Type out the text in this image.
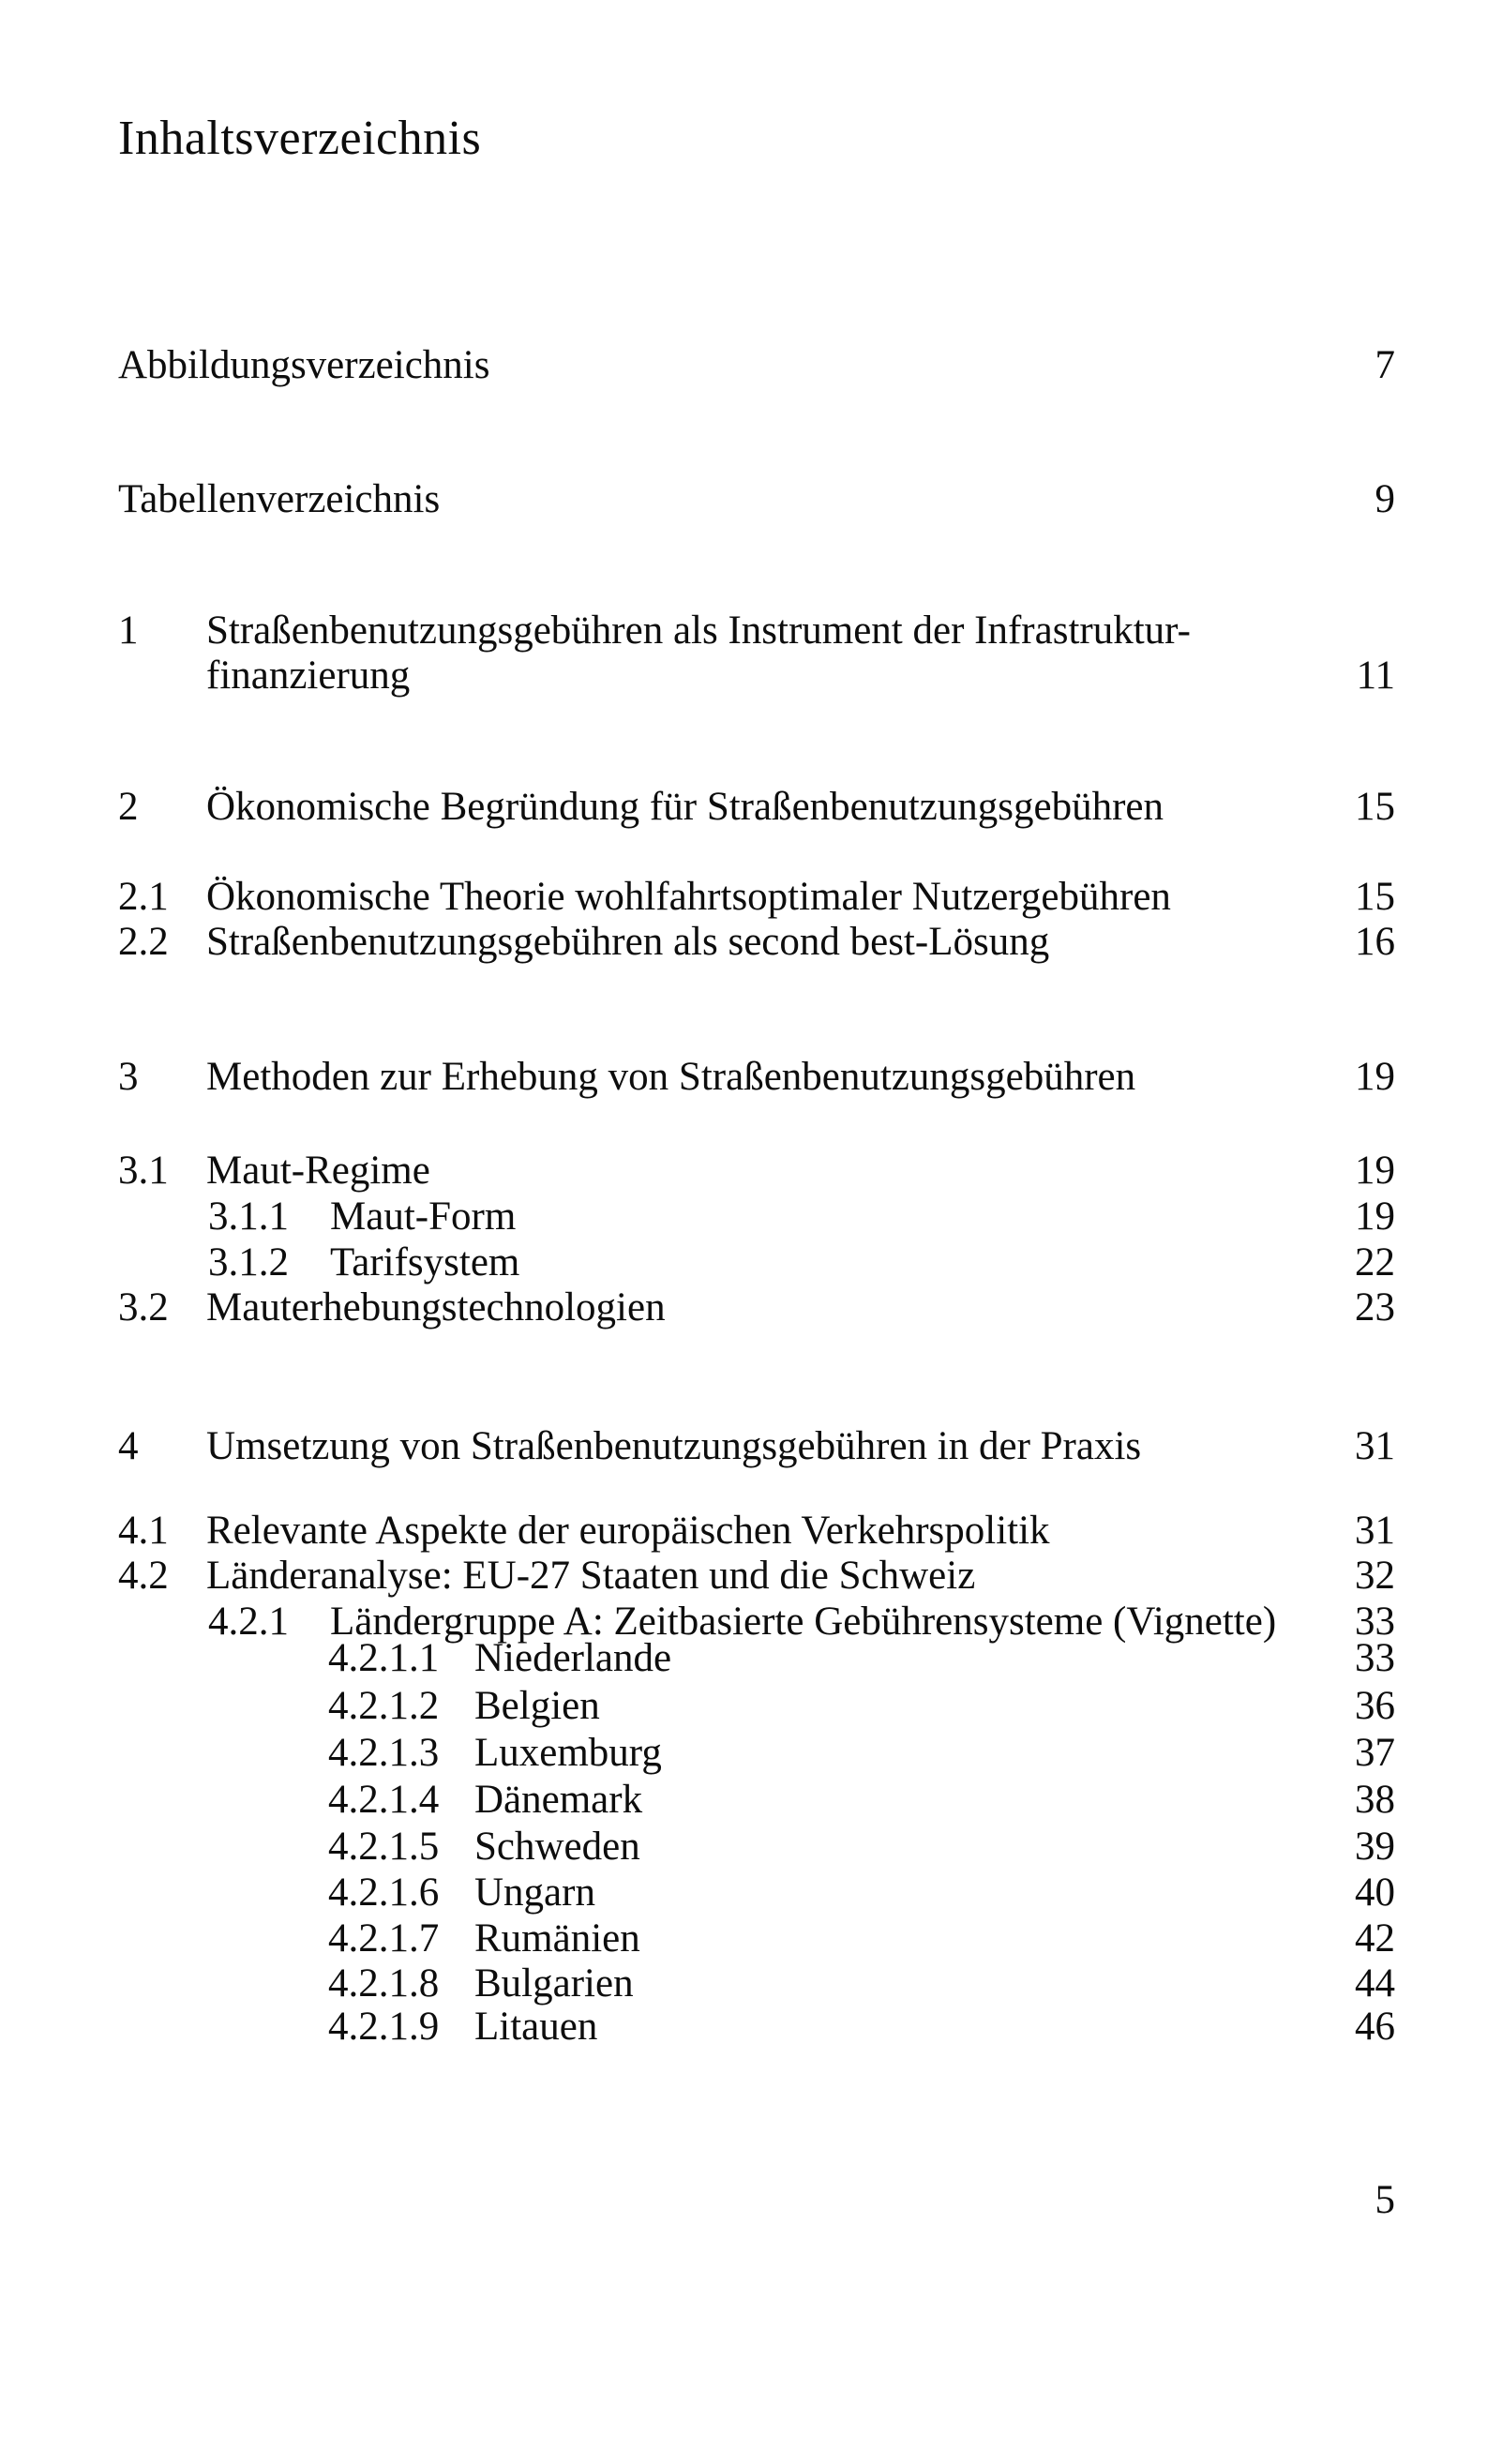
Inhaltsverzeichnis
Abbildungsverzeichnis	7
Tabellenverzeichnis	9
1 Straßenbenutzungsgebühren als Instrument der Infrastruktur-
finanzierung	11
2 Ökonomische Begründung für Straßenbenutzungsgebühren	15
2.1 Ökonomische Theorie wohlfahrtsoptimaler Nutzergebühren	15
2.2 Straßenbenutzungsgebühren als second best-Lösung	16
3 Methoden zur Erhebung von Straßenbenutzungsgebühren	19
3.1 Maut-Regime	19
3.1.1 Maut-Form	19
3.1.2 Tarifsystem	22
3.2 Mauterhebungstechnologien	23
4 Umsetzung von Straßenbenutzungsgebühren in der Praxis	31
4.1 Relevante Aspekte der europäischen Verkehrspolitik	31
4.2 Länderanalyse: EU-27 Staaten und die Schweiz	32
4.2.1 Ländergruppe A: Zeitbasierte Gebührensysteme (Vignette)	33
4.2.1.1 Niederlande	33
4.2.1.2 Belgien	36
4.2.1.3 Luxemburg	37
4.2.1.4 Dänemark	38
4.2.1.5 Schweden	39
4.2.1.6 Ungarn	40
4.2.1.7 Rumänien	42
4.2.1.8 Bulgarien	44
4.2.1.9 Litauen	46
5
